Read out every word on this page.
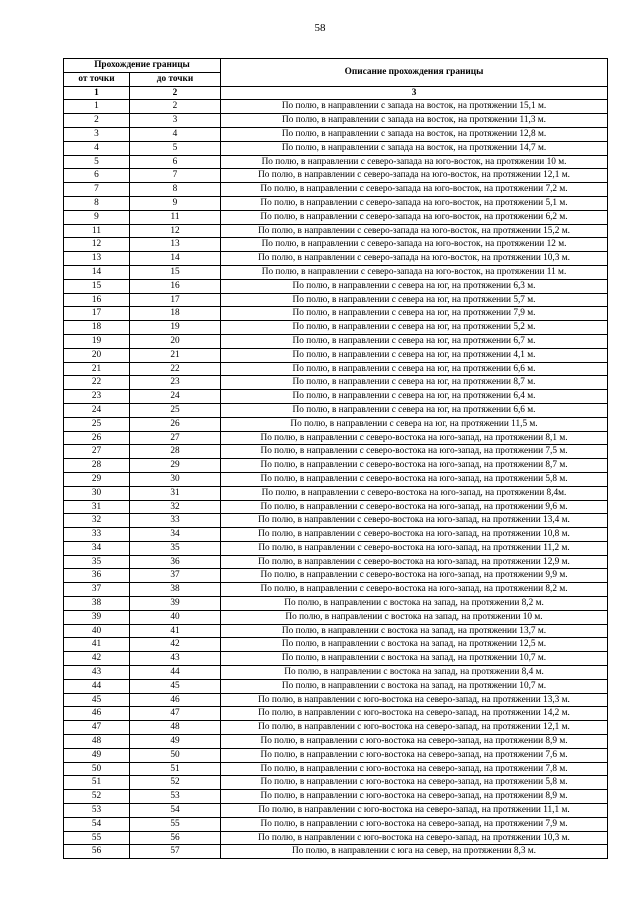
58
Прохождение границы		Описание прохождения границы
от точки	до точки	
1	2	3
1	2	По полю, в направлении с запада на восток, на протяжении 15,1 м.
2	3	По полю, в направлении с запада на восток, на протяжении 11,3 м.
3	4	По полю, в направлении с запада на восток, на протяжении 12,8 м.
4	5	По полю, в направлении с запада на восток, на протяжении 14,7 м.
5	6	По полю, в направлении с северо-запада на юго-восток, на протяжении 10 м.
6	7	По полю, в направлении с северо-запада на юго-восток, на протяжении 12,1 м.
7	8	По полю, в направлении с северо-запада на юго-восток, на протяжении 7,2 м.
8	9	По полю, в направлении с северо-запада на юго-восток, на протяжении 5,1 м.
9	11	По полю, в направлении с северо-запада на юго-восток, на протяжении 6,2 м.
11	12	По полю, в направлении с северо-запада на юго-восток, на протяжении 15,2 м.
12	13	По полю, в направлении с северо-запада на юго-восток, на протяжении 12 м.
13	14	По полю, в направлении с северо-запада на юго-восток, на протяжении 10,3 м.
14	15	По полю, в направлении с северо-запада на юго-восток, на протяжении 11 м.
15	16	По полю, в направлении с севера на юг, на протяжении 6,3 м.
16	17	По полю, в направлении с севера на юг, на протяжении 5,7 м.
17	18	По полю, в направлении с севера на юг, на протяжении 7,9 м.
18	19	По полю, в направлении с севера на юг, на протяжении 5,2 м.
19	20	По полю, в направлении с севера на юг, на протяжении 6,7 м.
20	21	По полю, в направлении с севера на юг, на протяжении 4,1 м.
21	22	По полю, в направлении с севера на юг, на протяжении 6,6 м.
22	23	По полю, в направлении с севера на юг, на протяжении 8,7 м.
23	24	По полю, в направлении с севера на юг, на протяжении 6,4 м.
24	25	По полю, в направлении с севера на юг, на протяжении 6,6 м.
25	26	По полю, в направлении с севера на юг, на протяжении 11,5 м.
26	27	По полю, в направлении с северо-востока на юго-запад, на протяжении 8,1 м.
27	28	По полю, в направлении с северо-востока на юго-запад, на протяжении 7,5 м.
28	29	По полю, в направлении с северо-востока на юго-запад, на протяжении 8,7 м.
29	30	По полю, в направлении с северо-востока на юго-запад, на протяжении 5,8 м.
30	31	По полю, в направлении с северо-востока на юго-запад, на протяжении 8,4м.
31	32	По полю, в направлении с северо-востока на юго-запад, на протяжении 9,6 м.
32	33	По полю, в направлении с северо-востока на юго-запад, на протяжении 13,4 м.
33	34	По полю, в направлении с северо-востока на юго-запад, на протяжении 10,8 м.
34	35	По полю, в направлении с северо-востока на юго-запад, на протяжении 11,2 м.
35	36	По полю, в направлении с северо-востока на юго-запад, на протяжении 12,9 м.
36	37	По полю, в направлении с северо-востока на юго-запад, на протяжении 9,9 м.
37	38	По полю, в направлении с северо-востока на юго-запад, на протяжении 8,2 м.
38	39	По полю, в направлении с востока на запад, на протяжении 8,2 м.
39	40	По полю, в направлении с востока на запад, на протяжении 10 м.
40	41	По полю, в направлении с востока на запад, на протяжении 13,7 м.
41	42	По полю, в направлении с востока на запад, на протяжении 12,5 м.
42	43	По полю, в направлении с востока на запад, на протяжении 10,7 м.
43	44	По полю, в направлении с востока на запад, на протяжении 8,4 м.
44	45	По полю, в направлении с востока на запад, на протяжении 10,7 м.
45	46	По полю, в направлении с юго-востока на северо-запад, на протяжении 13,3 м.
46	47	По полю, в направлении с юго-востока на северо-запад, на протяжении 14,2 м.
47	48	По полю, в направлении с юго-востока на северо-запад, на протяжении 12,1 м.
48	49	По полю, в направлении с юго-востока на северо-запад, на протяжении 8,9 м.
49	50	По полю, в направлении с юго-востока на северо-запад, на протяжении 7,6 м.
50	51	По полю, в направлении с юго-востока на северо-запад, на протяжении 7,8 м.
51	52	По полю, в направлении с юго-востока на северо-запад, на протяжении 5,8 м.
52	53	По полю, в направлении с юго-востока на северо-запад, на протяжении 8,9 м.
53	54	По полю, в направлении с юго-востока на северо-запад, на протяжении 11,1 м.
54	55	По полю, в направлении с юго-востока на северо-запад, на протяжении 7,9 м.
55	56	По полю, в направлении с юго-востока на северо-запад, на протяжении 10,3 м.
56	57	По полю, в направлении с юга на север, на протяжении 8,3 м.
